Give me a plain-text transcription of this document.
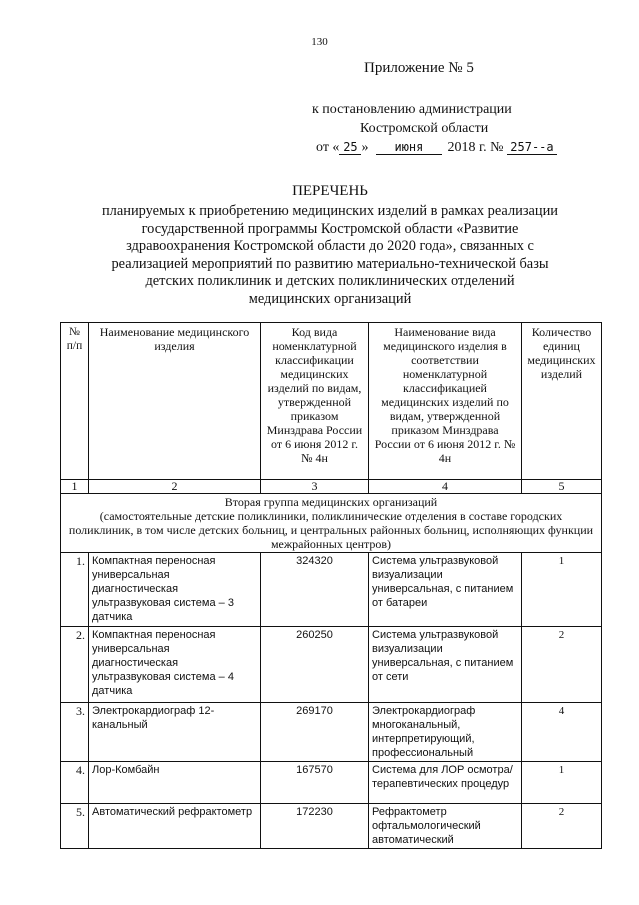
130
Приложение № 5
к постановлению администрации
Костромской области
от « 25 » июня 2018 г. № 257--а
ПЕРЕЧЕНЬ
планируемых к приобретению медицинских изделий в рамках реализации
государственной программы Костромской области «Развитие
здравоохранения Костромской области до 2020 года», связанных с
реализацией мероприятий по развитию материально-технической базы
детских поликлиник и детских поликлинических отделений
медицинских организаций
№ п/п	Наименование медицинского изделия	Код вида номенклатурной классификации медицинских изделий по видам, утвержденной приказом Минздрава России от 6 июня 2012 г. № 4н	Наименование вида медицинского изделия в соответствии номенклатурной классификацией медицинских изделий по видам, утвержденной приказом Минздрава России от 6 июня 2012 г. № 4н	Количество единиц медицинских изделий
1	2	3	4	5

Вторая группа медицинских организаций
(самостоятельные детские поликлиники, поликлинические отделения в составе городских поликлиник, в том числе детских больниц, и центральных районных больниц, исполняющих функции межрайонных центров)				

1.	Компактная переносная универсальная диагностическая ультразвуковая система – 3 датчика	324320	Система ультразвуковой визуализации универсальная, с питанием от батареи	1
2.	Компактная переносная универсальная диагностическая ультразвуковая система – 4 датчика	260250	Система ультразвуковой визуализации универсальная, с питанием от сети	2
3.	Электрокардиограф 12-канальный	269170	Электрокардиограф многоканальный, интерпретирующий, профессиональный	4
4.	Лор-Комбайн	167570	Система для ЛОР осмотра/терапевтических процедур	1
5.	Автоматический рефрактометр	172230	Рефрактометр офтальмологический автоматический	2
